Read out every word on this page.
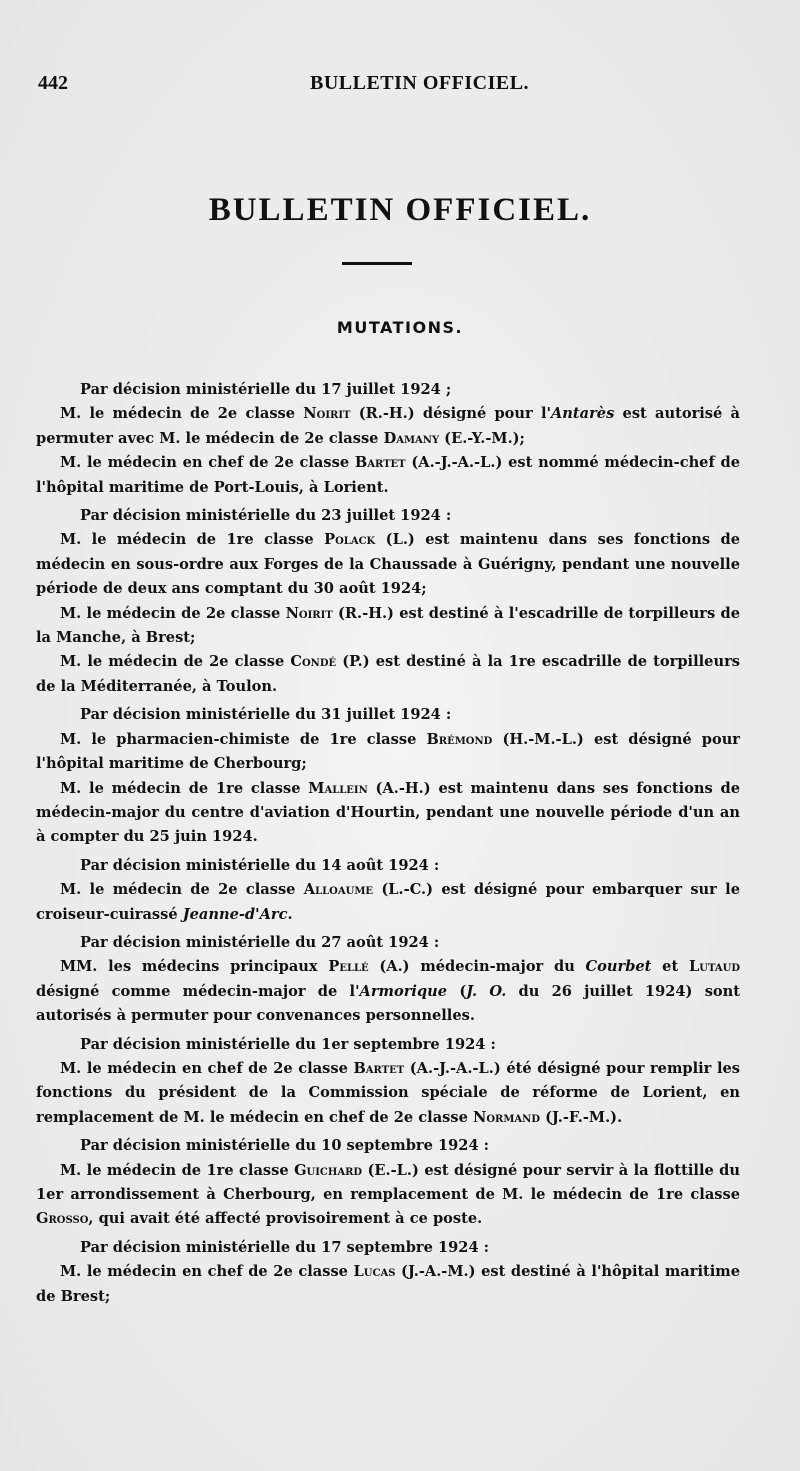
442	BULLETIN OFFICIEL.
BULLETIN OFFICIEL.
MUTATIONS.

Par décision ministérielle du 17 juillet 1924 ;

M. le médecin de 2e classe Noirit (R.-H.) désigné pour l'Antarès est autorisé à permuter avec M. le médecin de 2e classe Damany (E.-Y.-M.);

M. le médecin en chef de 2e classe Bartet (A.-J.-A.-L.) est nommé médecin-chef de l'hôpital maritime de Port-Louis, à Lorient.

Par décision ministérielle du 23 juillet 1924 :

M. le médecin de 1re classe Polack (L.) est maintenu dans ses fonctions de médecin en sous-ordre aux Forges de la Chaussade à Guérigny, pendant une nouvelle période de deux ans comptant du 30 août 1924;

M. le médecin de 2e classe Noirit (R.-H.) est destiné à l'escadrille de torpilleurs de la Manche, à Brest;

M. le médecin de 2e classe Condé (P.) est destiné à la 1re escadrille de torpilleurs de la Méditerranée, à Toulon.

Par décision ministérielle du 31 juillet 1924 :

M. le pharmacien-chimiste de 1re classe Brémond (H.-M.-L.) est désigné pour l'hôpital maritime de Cherbourg;

M. le médecin de 1re classe Mallein (A.-H.) est maintenu dans ses fonctions de médecin-major du centre d'aviation d'Hourtin, pendant une nouvelle période d'un an à compter du 25 juin 1924.

Par décision ministérielle du 14 août 1924 :

M. le médecin de 2e classe Alloaume (L.-C.) est désigné pour embarquer sur le croiseur-cuirassé Jeanne-d'Arc.

Par décision ministérielle du 27 août 1924 :

MM. les médecins principaux Pellé (A.) médecin-major du Courbet et Lutaud désigné comme médecin-major de l'Armorique (J. O. du 26 juillet 1924) sont autorisés à permuter pour convenances personnelles.

Par décision ministérielle du 1er septembre 1924 :

M. le médecin en chef de 2e classe Bartet (A.-J.-A.-L.) été désigné pour remplir les fonctions du président de la Commission spéciale de réforme de Lorient, en remplacement de M. le médecin en chef de 2e classe Normand (J.-F.-M.).

Par décision ministérielle du 10 septembre 1924 :

M. le médecin de 1re classe Guichard (E.-L.) est désigné pour servir à la flottille du 1er arrondissement à Cherbourg, en remplacement de M. le médecin de 1re classe Grosso, qui avait été affecté provisoirement à ce poste.

Par décision ministérielle du 17 septembre 1924 :

M. le médecin en chef de 2e classe Lucas (J.-A.-M.) est destiné à l'hôpital maritime de Brest;
